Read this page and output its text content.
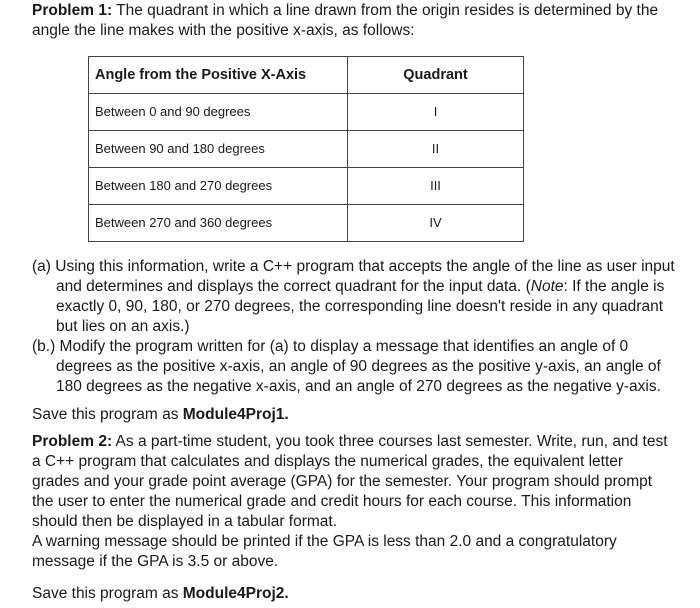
Problem 1: The quadrant in which a line drawn from the origin resides is determined by the angle the line makes with the positive x-axis, as follows:
Angle from the Positive X-Axis	Quadrant
Between 0 and 90 degrees	I
Between 90 and 180 degrees	II
Between 180 and 270 degrees	III
Between 270 and 360 degrees	IV
(a) Using this information, write a C++ program that accepts the angle of the line as user input and determines and displays the correct quadrant for the input data. (Note: If the angle is exactly 0, 90, 180, or 270 degrees, the corresponding line doesn't reside in any quadrant but lies on an axis.)
(b.) Modify the program written for (a) to display a message that identifies an angle of 0 degrees as the positive x-axis, an angle of 90 degrees as the positive y-axis, an angle of 180 degrees as the negative x-axis, and an angle of 270 degrees as the negative y-axis.
Save this program as Module4Proj1.
Problem 2: As a part-time student, you took three courses last semester. Write, run, and test a C++ program that calculates and displays the numerical grades, the equivalent letter grades and your grade point average (GPA) for the semester. Your program should prompt the user to enter the numerical grade and credit hours for each course. This information should then be displayed in a tabular format.
A warning message should be printed if the GPA is less than 2.0 and a congratulatory message if the GPA is 3.5 or above.
Save this program as Module4Proj2.
